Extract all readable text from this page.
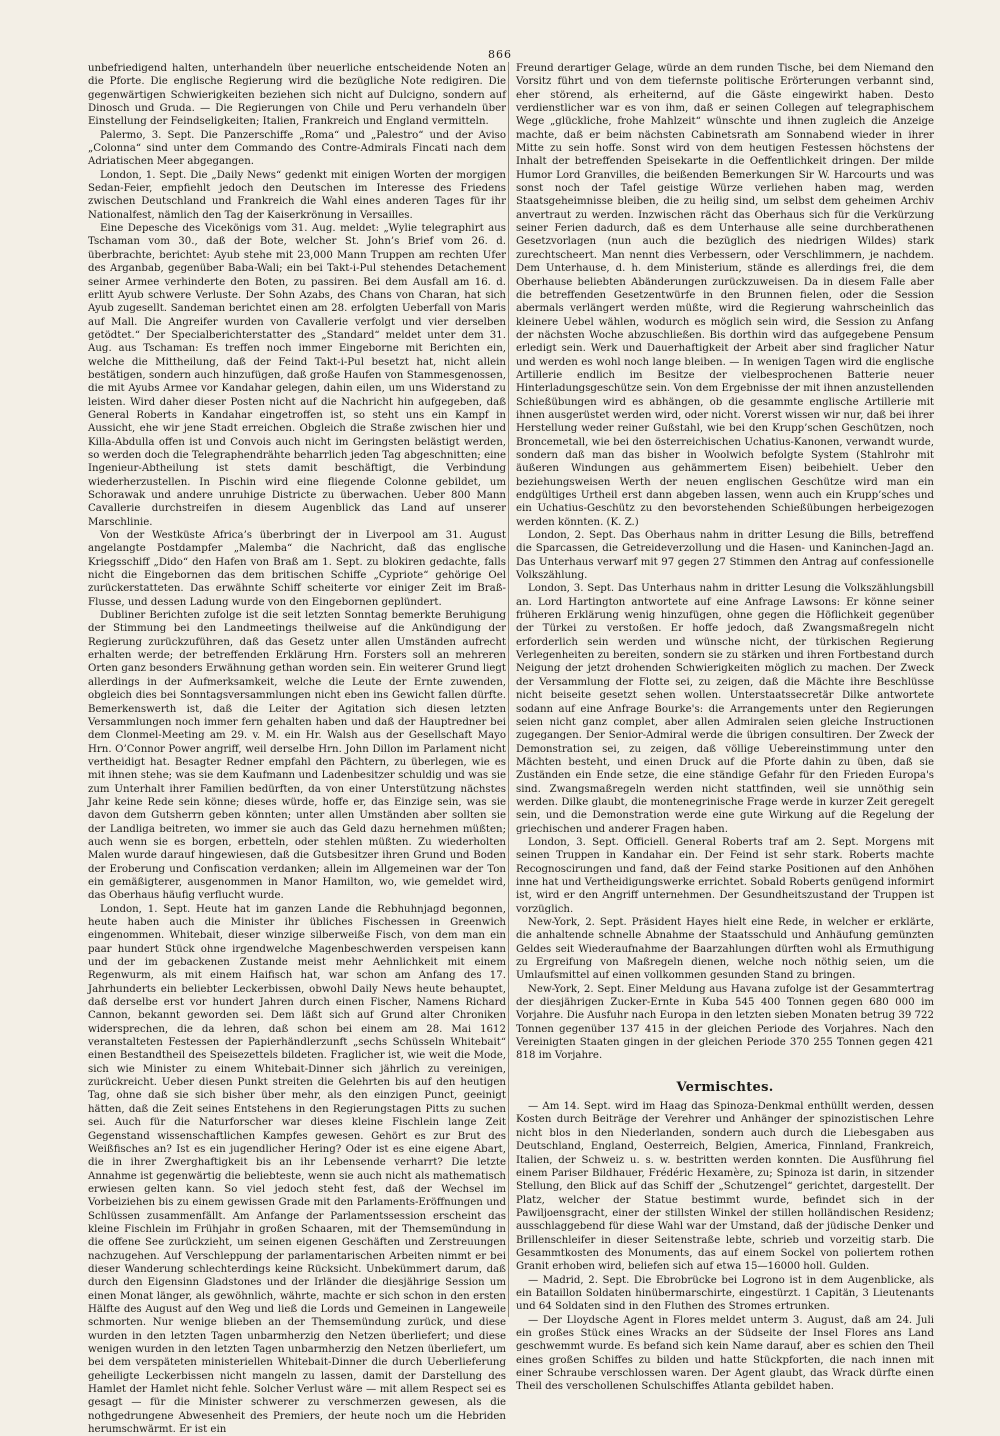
866

unbefriedigend halten, unterhandeln über neuerliche entscheidende Noten an die Pforte. Die englische Regierung wird die bezügliche Note redigiren. Die gegenwärtigen Schwierigkeiten beziehen sich nicht auf Dulcigno, sondern auf Dinosch und Gruda. — Die Regierungen von Chile und Peru verhandeln über Einstellung der Feindseligkeiten; Italien, Frankreich und England vermitteln.

Palermo, 3. Sept. Die Panzerschiffe „Roma“ und „Palestro“ und der Aviso „Colonna“ sind unter dem Commando des Contre-Admirals Fincati nach dem Adriatischen Meer abgegangen.

London, 1. Sept. Die „Daily News“ gedenkt mit einigen Worten der morgigen Sedan-Feier, empfiehlt jedoch den Deutschen im Interesse des Friedens zwischen Deutschland und Frankreich die Wahl eines anderen Tages für ihr Nationalfest, nämlich den Tag der Kaiserkrönung in Versailles.

Eine Depesche des Vicekönigs vom 31. Aug. meldet: „Wylie telegraphirt aus Tschaman vom 30., daß der Bote, welcher St. John’s Brief vom 26. d. überbrachte, berichtet: Ayub stehe mit 23,000 Mann Truppen am rechten Ufer des Arganbab, gegenüber Baba-Wali; ein bei Takt-i-Pul stehendes Detachement seiner Armee verhinderte den Boten, zu passiren. Bei dem Ausfall am 16. d. erlitt Ayub schwere Verluste. Der Sohn Azabs, des Chans von Charan, hat sich Ayub zugesellt. Sandeman berichtet einen am 28. erfolgten Ueberfall von Maris auf Mall. Die Angreifer wurden von Cavallerie verfolgt und vier derselben getödtet.“ Der Specialberichterstatter des „Standard“ meldet unter dem 31. Aug. aus Tschaman: Es treffen noch immer Eingeborne mit Berichten ein, welche die Mittheilung, daß der Feind Takt-i-Pul besetzt hat, nicht allein bestätigen, sondern auch hinzufügen, daß große Haufen von Stammesgenossen, die mit Ayubs Armee vor Kandahar gelegen, dahin eilen, um uns Widerstand zu leisten. Wird daher dieser Posten nicht auf die Nachricht hin aufgegeben, daß General Roberts in Kandahar eingetroffen ist, so steht uns ein Kampf in Aussicht, ehe wir jene Stadt erreichen. Obgleich die Straße zwischen hier und Killa-Abdulla offen ist und Convois auch nicht im Geringsten belästigt werden, so werden doch die Telegraphendrähte beharrlich jeden Tag abgeschnitten; eine Ingenieur-Abtheilung ist stets damit beschäftigt, die Verbindung wiederherzustellen. In Pischin wird eine fliegende Colonne gebildet, um Schorawak und andere unruhige Districte zu überwachen. Ueber 800 Mann Cavallerie durchstreifen in diesem Augenblick das Land auf unserer Marschlinie.

Von der Westküste Africa’s überbringt der in Liverpool am 31. August angelangte Postdampfer „Malemba“ die Nachricht, daß das englische Kriegsschiff „Dido“ den Hafen von Braß am 1. Sept. zu blokiren gedachte, falls nicht die Eingebornen das dem britischen Schiffe „Cypriote“ gehörige Oel zurückerstatteten. Das erwähnte Schiff scheiterte vor einiger Zeit im Braß-Flusse, und dessen Ladung wurde von den Eingebornen geplündert.

Dubliner Berichten zufolge ist die seit letzten Sonntag bemerkte Beruhigung der Stimmung bei den Landmeetings theilweise auf die Ankündigung der Regierung zurückzuführen, daß das Gesetz unter allen Umständen aufrecht erhalten werde; der betreffenden Erklärung Hrn. Forsters soll an mehreren Orten ganz besonders Erwähnung gethan worden sein. Ein weiterer Grund liegt allerdings in der Aufmerksamkeit, welche die Leute der Ernte zuwenden, obgleich dies bei Sonntagsversammlungen nicht eben ins Gewicht fallen dürfte. Bemerkenswerth ist, daß die Leiter der Agitation sich diesen letzten Versammlungen noch immer fern gehalten haben und daß der Hauptredner bei dem Clonmel-Meeting am 29. v. M. ein Hr. Walsh aus der Gesellschaft Mayo Hrn. O’Connor Power angriff, weil derselbe Hrn. John Dillon im Parlament nicht vertheidigt hat. Besagter Redner empfahl den Pächtern, zu überlegen, wie es mit ihnen stehe; was sie dem Kaufmann und Ladenbesitzer schuldig und was sie zum Unterhalt ihrer Familien bedürften, da von einer Unterstützung nächstes Jahr keine Rede sein könne; dieses würde, hoffe er, das Einzige sein, was sie davon dem Gutsherrn geben könnten; unter allen Umständen aber sollten sie der Landliga beitreten, wo immer sie auch das Geld dazu hernehmen müßten; auch wenn sie es borgen, erbetteln, oder stehlen müßten. Zu wiederholten Malen wurde darauf hingewiesen, daß die Gutsbesitzer ihren Grund und Boden der Eroberung und Confiscation verdanken; allein im Allgemeinen war der Ton ein gemäßigterer, ausgenommen in Manor Hamilton, wo, wie gemeldet wird, das Oberhaus häufig verflucht wurde.

London, 1. Sept. Heute hat im ganzen Lande die Rebhuhnjagd begonnen, heute haben auch die Minister ihr übliches Fischessen in Greenwich eingenommen. Whitebait, dieser winzige silberweiße Fisch, von dem man ein paar hundert Stück ohne irgendwelche Magenbeschwerden verspeisen kann und der im gebackenen Zustande meist mehr Aehnlichkeit mit einem Regenwurm, als mit einem Haifisch hat, war schon am Anfang des 17. Jahrhunderts ein beliebter Leckerbissen, obwohl Daily News heute behauptet, daß derselbe erst vor hundert Jahren durch einen Fischer, Namens Richard Cannon, bekannt geworden sei. Dem läßt sich auf Grund alter Chroniken widersprechen, die da lehren, daß schon bei einem am 28. Mai 1612 veranstalteten Festessen der Papierhändlerzunft „sechs Schüsseln Whitebait“ einen Bestandtheil des Speisezettels bildeten. Fraglicher ist, wie weit die Mode, sich wie Minister zu einem Whitebait-Dinner sich jährlich zu vereinigen, zurückreicht. Ueber diesen Punkt streiten die Gelehrten bis auf den heutigen Tag, ohne daß sie sich bisher über mehr, als den einzigen Punct, geeinigt hätten, daß die Zeit seines Entstehens in den Regierungstagen Pitts zu suchen sei. Auch für die Naturforscher war dieses kleine Fischlein lange Zeit Gegenstand wissenschaftlichen Kampfes gewesen. Gehört es zur Brut des Weißfisches an? Ist es ein jugendlicher Hering? Oder ist es eine eigene Abart, die in ihrer Zwerghaftigkeit bis an ihr Lebensende verharrt? Die letzte Annahme ist gegenwärtig die beliebteste, wenn sie auch nicht als mathematisch erwiesen gelten kann. So viel jedoch steht fest, daß der Wechsel im Vorbeiziehen bis zu einem gewissen Grade mit den Parlaments-Eröffnungen und Schlüssen zusammenfällt. Am Anfange der Parlamentssession erscheint das kleine Fischlein im Frühjahr in großen Schaaren, mit der Themsemündung in die offene See zurückzieht, um seinen eigenen Geschäften und Zerstreuungen nachzugehen. Auf Verschleppung der parlamentarischen Arbeiten nimmt er bei dieser Wanderung schlechterdings keine Rücksicht. Unbekümmert darum, daß durch den Eigensinn Gladstones und der Irländer die diesjährige Session um einen Monat länger, als gewöhnlich, währte, machte er sich schon in den ersten Hälfte des August auf den Weg und ließ die Lords und Gemeinen in Langeweile schmorten. Nur wenige blieben an der Themsemündung zurück, und diese wurden in den letzten Tagen unbarmherzig den Netzen überliefert; und diese wenigen wurden in den letzten Tagen unbarmherzig den Netzen überliefert, um bei dem verspäteten ministeriellen Whitebait-Dinner die durch Ueberlieferung geheiligte Leckerbissen nicht mangeln zu lassen, damit der Darstellung des Hamlet der Hamlet nicht fehle. Solcher Verlust wäre — mit allem Respect sei es gesagt — für die Minister schwerer zu verschmerzen gewesen, als die nothgedrungene Abwesenheit des Premiers, der heute noch um die Hebriden herumschwärmt. Er ist ein

Freund derartiger Gelage, würde an dem runden Tische, bei dem Niemand den Vorsitz führt und von dem tiefernste politische Erörterungen verbannt sind, eher störend, als erheiternd, auf die Gäste eingewirkt haben. Desto verdienstlicher war es von ihm, daß er seinen Collegen auf telegraphischem Wege „glückliche, frohe Mahlzeit“ wünschte und ihnen zugleich die Anzeige machte, daß er beim nächsten Cabinetsrath am Sonnabend wieder in ihrer Mitte zu sein hoffe. Sonst wird von dem heutigen Festessen höchstens der Inhalt der betreffenden Speisekarte in die Oeffentlichkeit dringen. Der milde Humor Lord Granvilles, die beißenden Bemerkungen Sir W. Harcourts und was sonst noch der Tafel geistige Würze verliehen haben mag, werden Staatsgeheimnisse bleiben, die zu heilig sind, um selbst dem geheimen Archiv anvertraut zu werden. Inzwischen rächt das Oberhaus sich für die Verkürzung seiner Ferien dadurch, daß es dem Unterhause alle seine durchberathenen Gesetzvorlagen (nun auch die bezüglich des niedrigen Wildes) stark zurechtscheert. Man nennt dies Verbessern, oder Verschlimmern, je nachdem. Dem Unterhause, d. h. dem Ministerium, stände es allerdings frei, die dem Oberhause beliebten Abänderungen zurückzuweisen. Da in diesem Falle aber die betreffenden Gesetzentwürfe in den Brunnen fielen, oder die Session abermals verlängert werden müßte, wird die Regierung wahrscheinlich das kleinere Uebel wählen, wodurch es möglich sein wird, die Session zu Anfang der nächsten Woche abzuschließen. Bis dorthin wird das aufgegebene Pensum erledigt sein. Werk und Dauerhaftigkeit der Arbeit aber sind fraglicher Natur und werden es wohl noch lange bleiben. — In wenigen Tagen wird die englische Artillerie endlich im Besitze der vielbesprochenen Batterie neuer Hinterladungsgeschütze sein. Von dem Ergebnisse der mit ihnen anzustellenden Schießübungen wird es abhängen, ob die gesammte englische Artillerie mit ihnen ausgerüstet werden wird, oder nicht. Vorerst wissen wir nur, daß bei ihrer Herstellung weder reiner Gußstahl, wie bei den Krupp’schen Geschützen, noch Broncemetall, wie bei den österreichischen Uchatius-Kanonen, verwandt wurde, sondern daß man das bisher in Woolwich befolgte System (Stahlrohr mit äußeren Windungen aus gehämmertem Eisen) beibehielt. Ueber den beziehungsweisen Werth der neuen englischen Geschütze wird man ein endgültiges Urtheil erst dann abgeben lassen, wenn auch ein Krupp’sches und ein Uchatius-Geschütz zu den bevorstehenden Schießübungen herbeigezogen werden könnten. (K. Z.)

London, 2. Sept. Das Oberhaus nahm in dritter Lesung die Bills, betreffend die Sparcassen, die Getreideverzollung und die Hasen- und Kaninchen-Jagd an. Das Unterhaus verwarf mit 97 gegen 27 Stimmen den Antrag auf confessionelle Volkszählung.

London, 3. Sept. Das Unterhaus nahm in dritter Lesung die Volkszählungsbill an. Lord Hartington antwortete auf eine Anfrage Lawsons: Er könne seiner früheren Erklärung wenig hinzufügen, ohne gegen die Höflichkeit gegenüber der Türkei zu verstoßen. Er hoffe jedoch, daß Zwangsmaßregeln nicht erforderlich sein werden und wünsche nicht, der türkischen Regierung Verlegenheiten zu bereiten, sondern sie zu stärken und ihren Fortbestand durch Neigung der jetzt drohenden Schwierigkeiten möglich zu machen. Der Zweck der Versammlung der Flotte sei, zu zeigen, daß die Mächte ihre Beschlüsse nicht beiseite gesetzt sehen wollen. Unterstaatssecretär Dilke antwortete sodann auf eine Anfrage Bourke's: die Arrangements unter den Regierungen seien nicht ganz complet, aber allen Admiralen seien gleiche Instructionen zugegangen. Der Senior-Admiral werde die übrigen consultiren. Der Zweck der Demonstration sei, zu zeigen, daß völlige Uebereinstimmung unter den Mächten besteht, und einen Druck auf die Pforte dahin zu üben, daß sie Zuständen ein Ende setze, die eine ständige Gefahr für den Frieden Europa's sind. Zwangsmaßregeln werden nicht stattfinden, weil sie unnöthig sein werden. Dilke glaubt, die montenegrinische Frage werde in kurzer Zeit geregelt sein, und die Demonstration werde eine gute Wirkung auf die Regelung der griechischen und anderer Fragen haben.

London, 3. Sept. Officiell. General Roberts traf am 2. Sept. Morgens mit seinen Truppen in Kandahar ein. Der Feind ist sehr stark. Roberts machte Recognoscirungen und fand, daß der Feind starke Positionen auf den Anhöhen inne hat und Vertheidigungswerke errichtet. Sobald Roberts genügend informirt ist, wird er den Angriff unternehmen. Der Gesundheitszustand der Truppen ist vorzüglich.

New-York, 2. Sept. Präsident Hayes hielt eine Rede, in welcher er erklärte, die anhaltende schnelle Abnahme der Staatsschuld und Anhäufung gemünzten Geldes seit Wiederaufnahme der Baarzahlungen dürften wohl als Ermuthigung zu Ergreifung von Maßregeln dienen, welche noch nöthig seien, um die Umlaufsmittel auf einen vollkommen gesunden Stand zu bringen.

New-York, 2. Sept. Einer Meldung aus Havana zufolge ist der Gesammtertrag der diesjährigen Zucker-Ernte in Kuba 545 400 Tonnen gegen 680 000 im Vorjahre. Die Ausfuhr nach Europa in den letzten sieben Monaten betrug 39 722 Tonnen gegenüber 137 415 in der gleichen Periode des Vorjahres. Nach den Vereinigten Staaten gingen in der gleichen Periode 370 255 Tonnen gegen 421 818 im Vorjahre.

Vermischtes.

— Am 14. Sept. wird im Haag das Spinoza-Denkmal enthüllt werden, dessen Kosten durch Beiträge der Verehrer und Anhänger der spinozistischen Lehre nicht blos in den Niederlanden, sondern auch durch die Liebesgaben aus Deutschland, England, Oesterreich, Belgien, America, Finnland, Frankreich, Italien, der Schweiz u. s. w. bestritten werden konnten. Die Ausführung fiel einem Pariser Bildhauer, Frédéric Hexamère, zu; Spinoza ist darin, in sitzender Stellung, den Blick auf das Schiff der „Schutzengel“ gerichtet, dargestellt. Der Platz, welcher der Statue bestimmt wurde, befindet sich in der Pawiljoensgracht, einer der stillsten Winkel der stillen holländischen Residenz; ausschlaggebend für diese Wahl war der Umstand, daß der jüdische Denker und Brillenschleifer in dieser Seitenstraße lebte, schrieb und vorzeitig starb. Die Gesammtkosten des Monuments, das auf einem Sockel von poliertem rothen Granit erhoben wird, beliefen sich auf etwa 15—16000 holl. Gulden.

— Madrid, 2. Sept. Die Ebrobrücke bei Logrono ist in dem Augenblicke, als ein Bataillon Soldaten hinübermarschirte, eingestürzt. 1 Capitän, 3 Lieutenants und 64 Soldaten sind in den Fluthen des Stromes ertrunken.

— Der Lloydsche Agent in Flores meldet unterm 3. August, daß am 24. Juli ein großes Stück eines Wracks an der Südseite der Insel Flores ans Land geschwemmt wurde. Es befand sich kein Name darauf, aber es schien den Theil eines großen Schiffes zu bilden und hatte Stückpforten, die nach innen mit einer Schraube verschlossen waren. Der Agent glaubt, das Wrack dürfte einen Theil des verschollenen Schulschiffes Atlanta gebildet haben.
